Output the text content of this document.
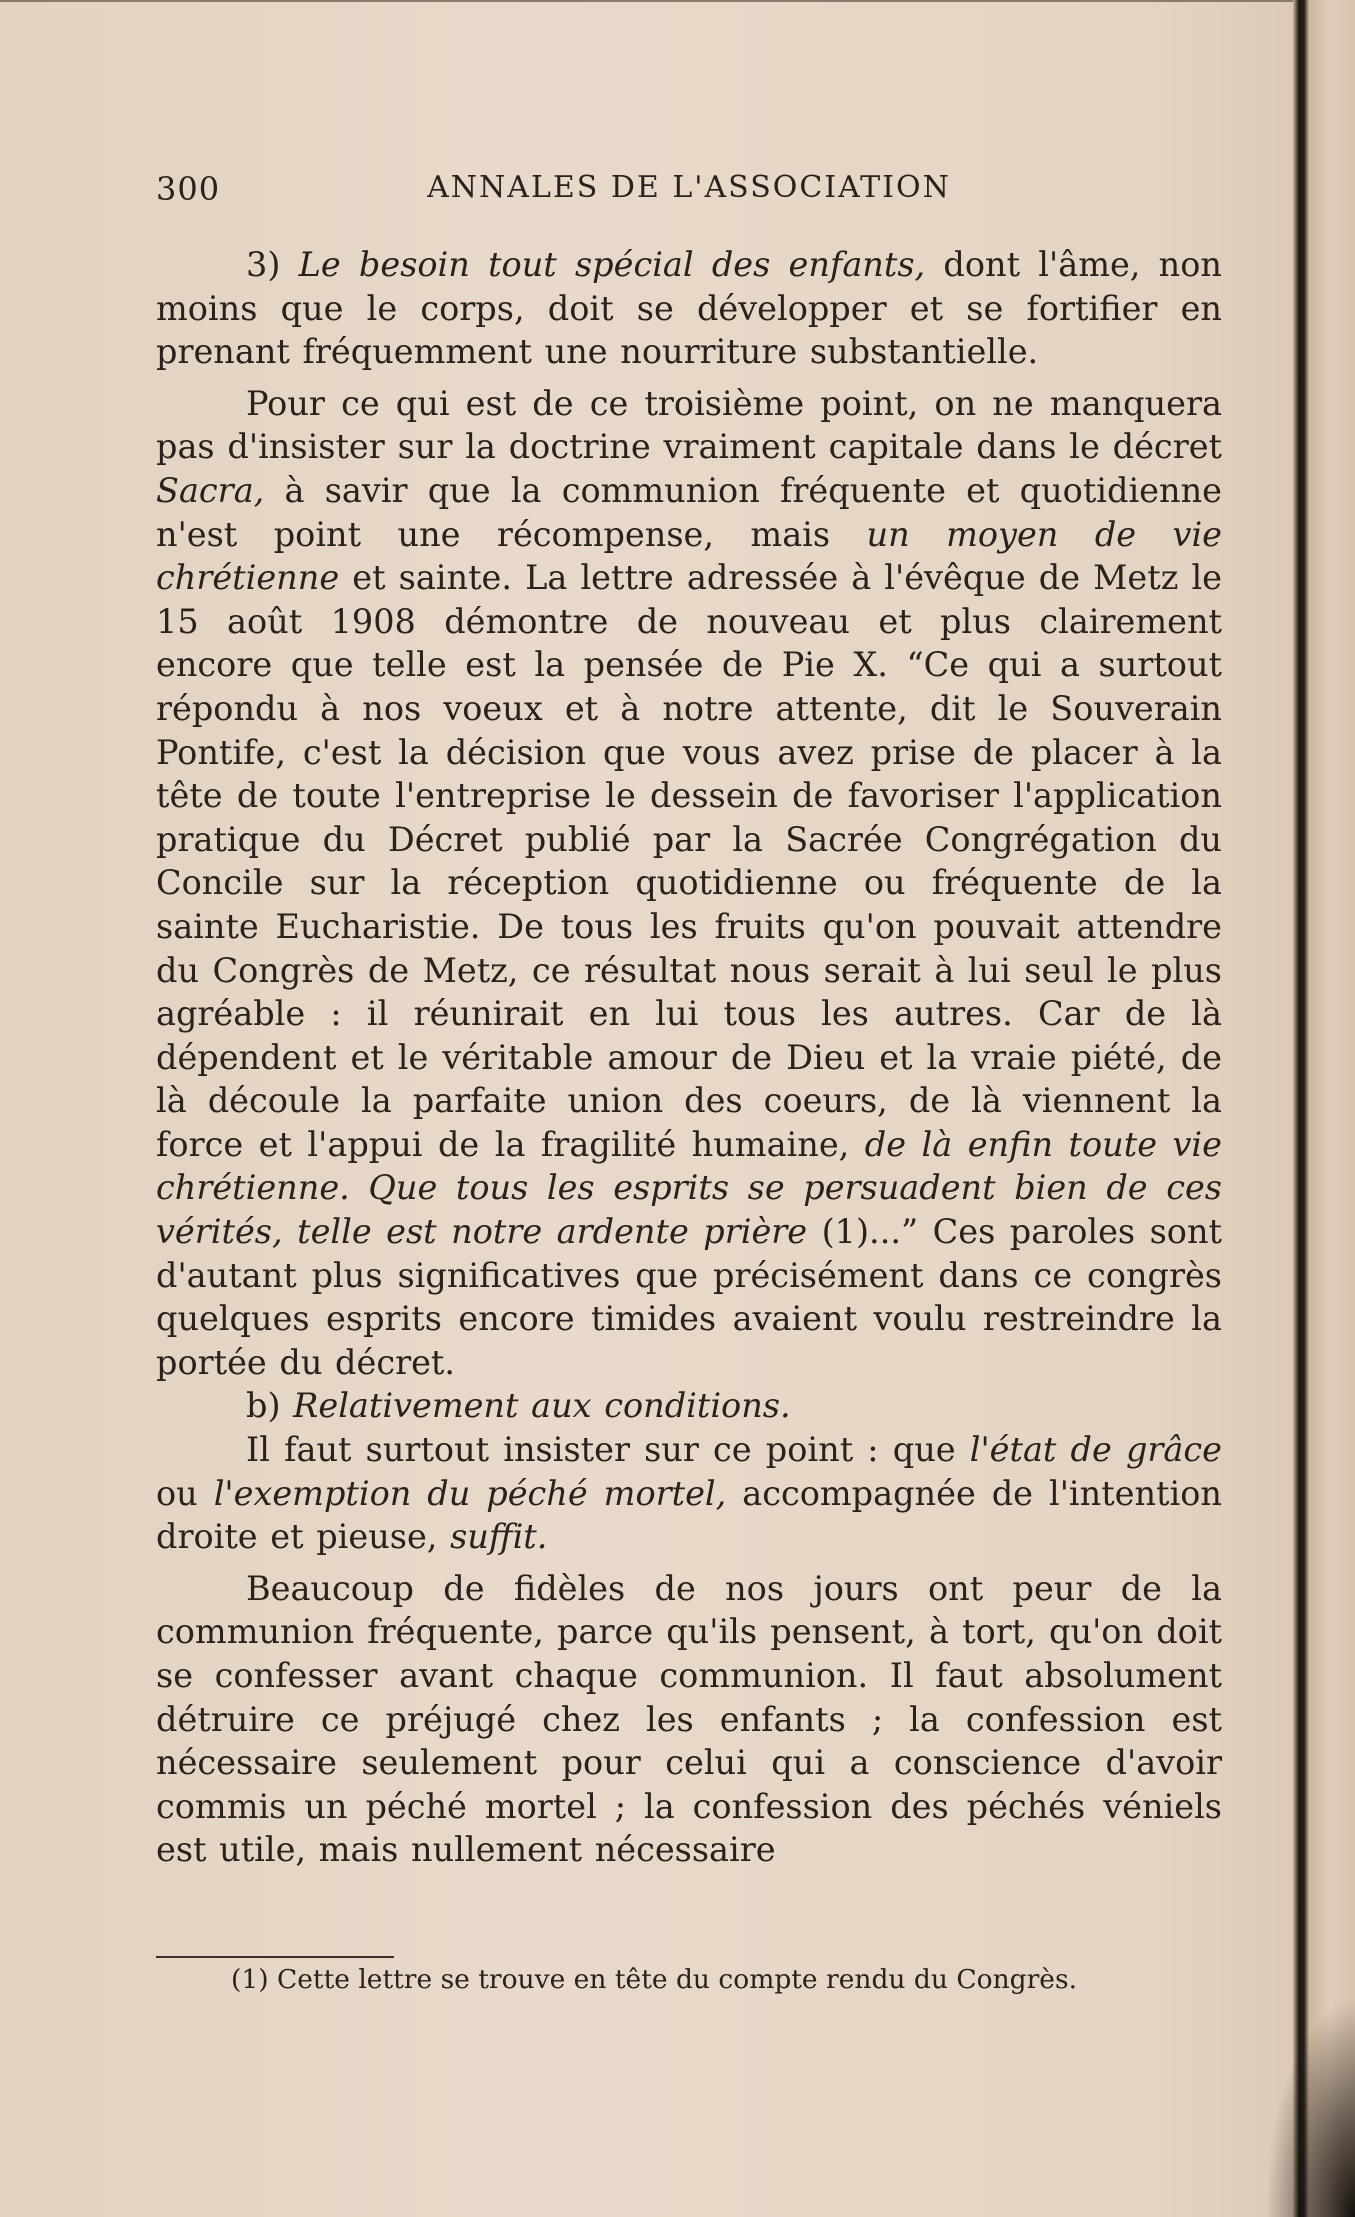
300	ANNALES DE L'ASSOCIATION

3) Le besoin tout spécial des enfants, dont l'âme, non moins que le corps, doit se développer et se fortifier en prenant fréquemment une nourriture substantielle.

Pour ce qui est de ce troisième point, on ne manquera pas d'insister sur la doctrine vraiment capitale dans le décret Sacra, à savir que la communion fréquente et quotidienne n'est point une récompense, mais un moyen de vie chrétienne et sainte. La lettre adressée à l'évêque de Metz le 15 août 1908 démontre de nouveau et plus clairement encore que telle est la pensée de Pie X. “Ce qui a surtout répondu à nos voeux et à notre attente, dit le Souverain Pontife, c'est la décision que vous avez prise de placer à la tête de toute l'entreprise le dessein de favoriser l'application pratique du Décret publié par la Sacrée Congrégation du Concile sur la réception quotidienne ou fréquente de la sainte Eucharistie. De tous les fruits qu'on pouvait attendre du Congrès de Metz, ce résultat nous serait à lui seul le plus agréable : il réunirait en lui tous les autres. Car de là dépendent et le véritable amour de Dieu et la vraie piété, de là découle la parfaite union des coeurs, de là viennent la force et l'appui de la fragilité humaine, de là enfin toute vie chrétienne. Que tous les esprits se persuadent bien de ces vérités, telle est notre ardente prière (1)...” Ces paroles sont d'autant plus significatives que précisément dans ce congrès quelques esprits encore timides avaient voulu restreindre la portée du décret.

b) Relativement aux conditions.

Il faut surtout insister sur ce point : que l'état de grâce ou l'exemption du péché mortel, accompagnée de l'intention droite et pieuse, suffit.

Beaucoup de fidèles de nos jours ont peur de la communion fréquente, parce qu'ils pensent, à tort, qu'on doit se confesser avant chaque communion. Il faut absolument détruire ce préjugé chez les enfants ; la confession est nécessaire seulement pour celui qui a conscience d'avoir commis un péché mortel ; la confession des péchés véniels est utile, mais nullement nécessaire

(1) Cette lettre se trouve en tête du compte rendu du Congrès.
